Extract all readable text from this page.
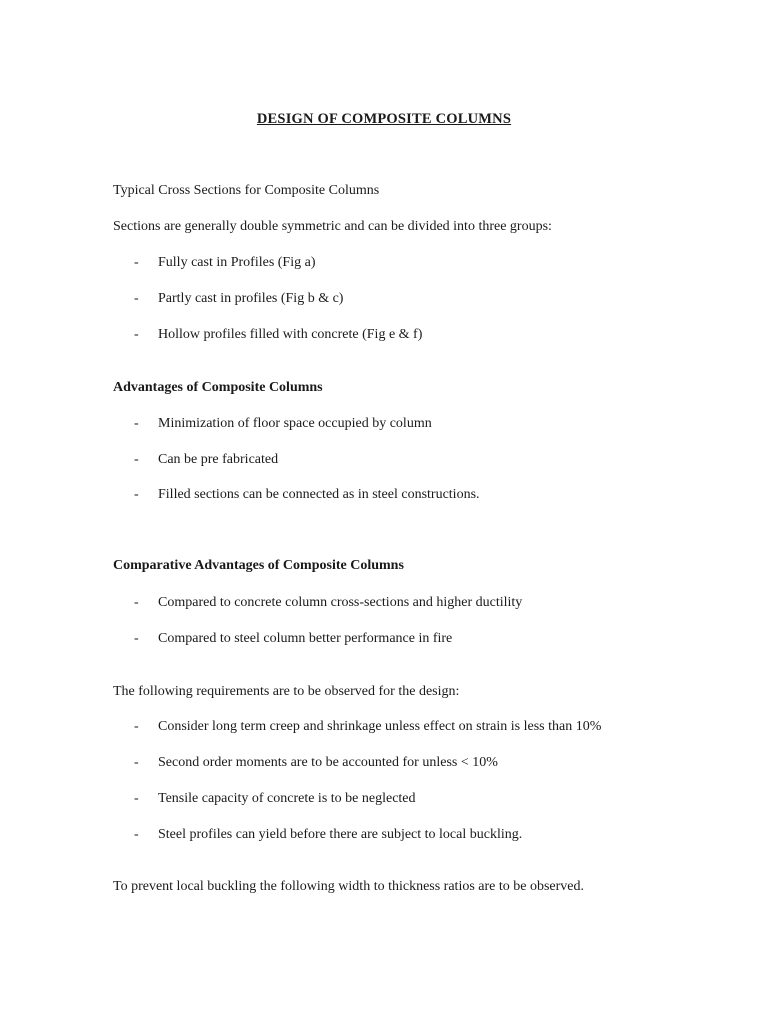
DESIGN OF COMPOSITE COLUMNS
Typical Cross Sections for Composite Columns
Sections are generally double symmetric and can be divided into three groups:
- Fully cast in Profiles (Fig a)
- Partly cast in profiles (Fig b & c)
- Hollow profiles filled with concrete (Fig e & f)
Advantages of Composite Columns
- Minimization of floor space occupied by column
- Can be pre fabricated
- Filled sections can be connected as in steel constructions.
Comparative Advantages of Composite Columns
- Compared to concrete column cross-sections and higher ductility
- Compared to steel column better performance in fire
The following requirements are to be observed for the design:
- Consider long term creep and shrinkage unless effect on strain is less than 10%
- Second order moments are to be accounted for unless < 10%
- Tensile capacity of concrete is to be neglected
- Steel profiles can yield before there are subject to local buckling.
To prevent local buckling the following width to thickness ratios are to be observed.
